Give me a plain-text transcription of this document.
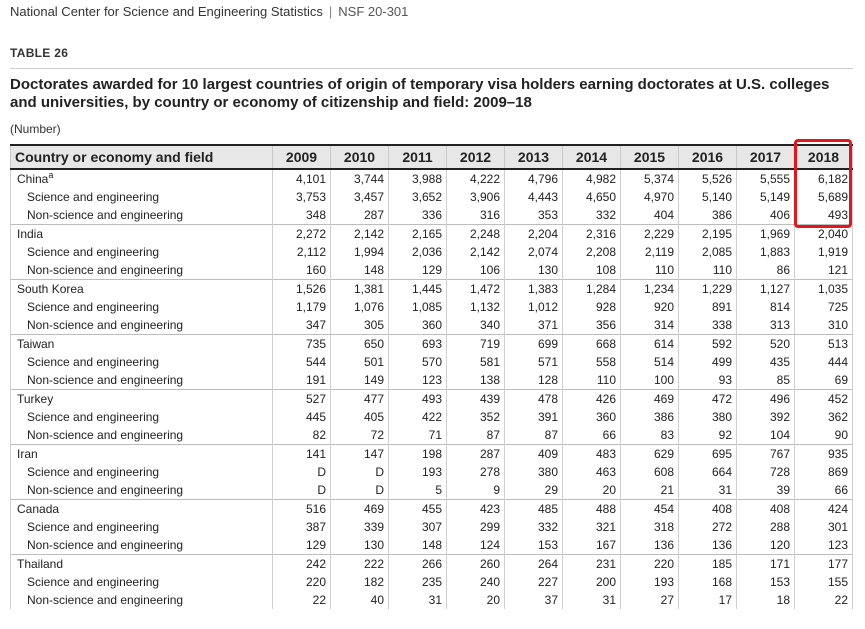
National Center for Science and Engineering Statistics | NSF 20-301
TABLE 26
Doctorates awarded for 10 largest countries of origin of temporary visa holders earning doctorates at U.S. colleges and universities, by country or economy of citizenship and field: 2009–18
(Number)
Country or economy and field	2009	2010	2011	2012	2013	2014	2015	2016	2017	2018
China$^a$	4,101	3,744	3,988	4,222	4,796	4,982	5,374	5,526	5,555	6,182
Science and engineering	3,753	3,457	3,652	3,906	4,443	4,650	4,970	5,140	5,149	5,689
Non-science and engineering	348	287	336	316	353	332	404	386	406	493
India	2,272	2,142	2,165	2,248	2,204	2,316	2,229	2,195	1,969	2,040
Science and engineering	2,112	1,994	2,036	2,142	2,074	2,208	2,119	2,085	1,883	1,919
Non-science and engineering	160	148	129	106	130	108	110	110	86	121
South Korea	1,526	1,381	1,445	1,472	1,383	1,284	1,234	1,229	1,127	1,035
Science and engineering	1,179	1,076	1,085	1,132	1,012	928	920	891	814	725
Non-science and engineering	347	305	360	340	371	356	314	338	313	310
Taiwan	735	650	693	719	699	668	614	592	520	513
Science and engineering	544	501	570	581	571	558	514	499	435	444
Non-science and engineering	191	149	123	138	128	110	100	93	85	69
Turkey	527	477	493	439	478	426	469	472	496	452
Science and engineering	445	405	422	352	391	360	386	380	392	362
Non-science and engineering	82	72	71	87	87	66	83	92	104	90
Iran	141	147	198	287	409	483	629	695	767	935
Science and engineering	D	D	193	278	380	463	608	664	728	869
Non-science and engineering	D	D	5	9	29	20	21	31	39	66
Canada	516	469	455	423	485	488	454	408	408	424
Science and engineering	387	339	307	299	332	321	318	272	288	301
Non-science and engineering	129	130	148	124	153	167	136	136	120	123
Thailand	242	222	266	260	264	231	220	185	171	177
Science and engineering	220	182	235	240	227	200	193	168	153	155
Non-science and engineering	22	40	31	20	37	31	27	17	18	22
